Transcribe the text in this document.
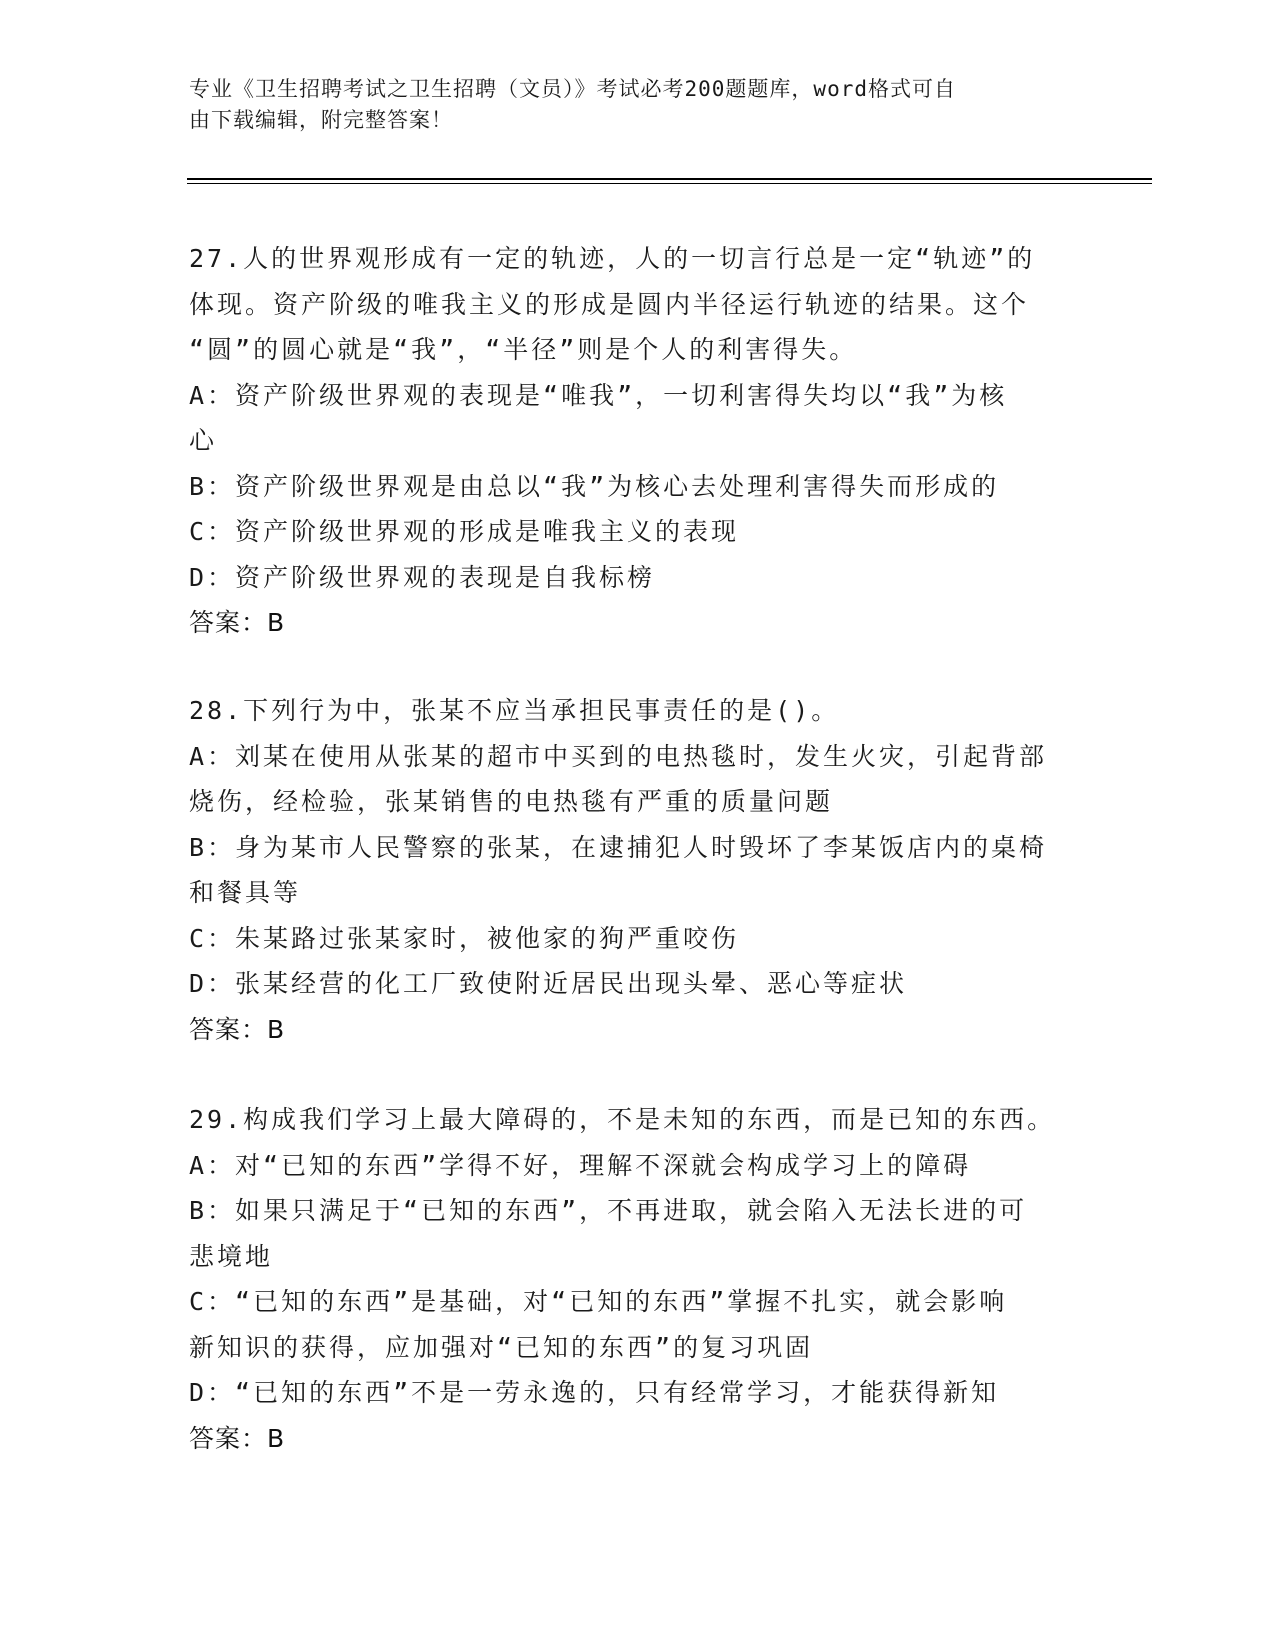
专业《卫生招聘考试之卫生招聘（文员）》考试必考200题题库，word格式可自
由下载编辑，附完整答案！
27.人的世界观形成有一定的轨迹，人的一切言行总是一定“轨迹”的
体现。资产阶级的唯我主义的形成是圆内半径运行轨迹的结果。这个
“圆”的圆心就是“我”，“半径”则是个人的利害得失。
A：资产阶级世界观的表现是“唯我”，一切利害得失均以“我”为核
心
B：资产阶级世界观是由总以“我”为核心去处理利害得失而形成的
C：资产阶级世界观的形成是唯我主义的表现
D：资产阶级世界观的表现是自我标榜
答案：B
28.下列行为中，张某不应当承担民事责任的是()。
A：刘某在使用从张某的超市中买到的电热毯时，发生火灾，引起背部
烧伤，经检验，张某销售的电热毯有严重的质量问题
B：身为某市人民警察的张某，在逮捕犯人时毁坏了李某饭店内的桌椅
和餐具等
C：朱某路过张某家时，被他家的狗严重咬伤
D：张某经营的化工厂致使附近居民出现头晕、恶心等症状
答案：B
29.构成我们学习上最大障碍的，不是未知的东西，而是已知的东西。
A：对“已知的东西”学得不好，理解不深就会构成学习上的障碍
B：如果只满足于“已知的东西”，不再进取，就会陷入无法长进的可
悲境地
C：“已知的东西”是基础，对“已知的东西”掌握不扎实，就会影响
新知识的获得，应加强对“已知的东西”的复习巩固
D：“已知的东西”不是一劳永逸的，只有经常学习，才能获得新知
答案：B
